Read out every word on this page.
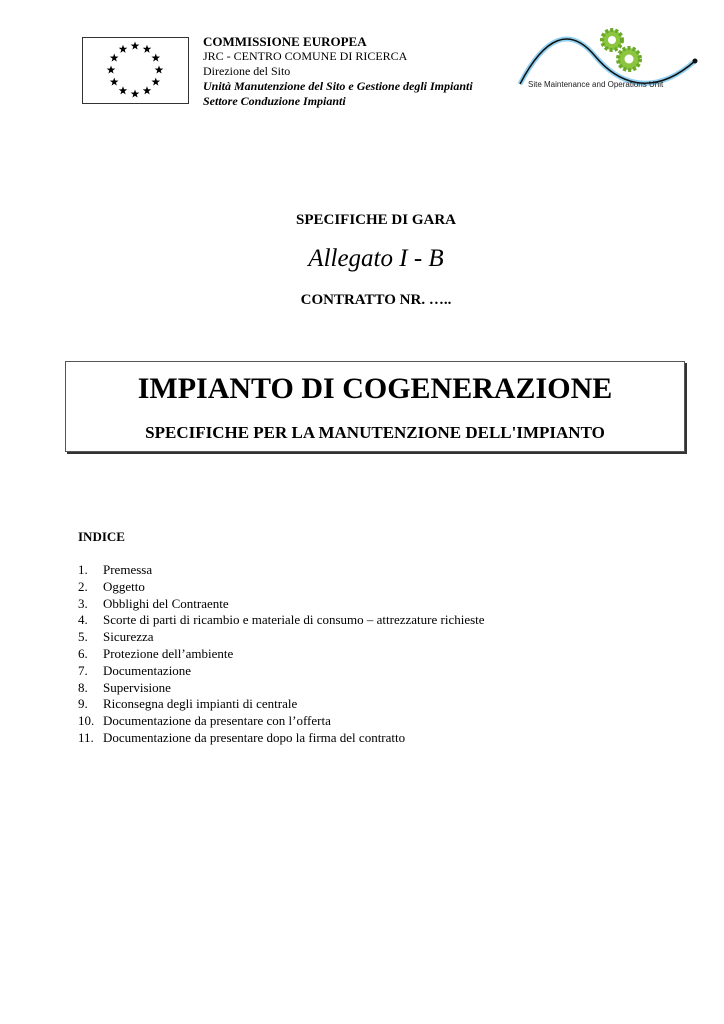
COMMISSIONE EUROPEA
JRC - CENTRO COMUNE DI RICERCA
Direzione del Sito
Unità Manutenzione del Sito e Gestione degli Impianti
Settore Conduzione Impianti
Site Maintenance and Operations Unit
SPECIFICHE DI GARA
Allegato I - B
CONTRATTO NR. …..
IMPIANTO DI COGENERAZIONE
SPECIFICHE PER LA MANUTENZIONE DELL'IMPIANTO
INDICE
1.	Premessa
2.	Oggetto
3.	Obblighi del Contraente
4.	Scorte di parti di ricambio e materiale di consumo – attrezzature richieste
5.	Sicurezza
6.	Protezione dell’ambiente
7.	Documentazione
8.	Supervisione
9.	Riconsegna degli impianti di centrale
10. Documentazione da presentare con l’offerta
11. Documentazione da presentare dopo la firma del contratto
